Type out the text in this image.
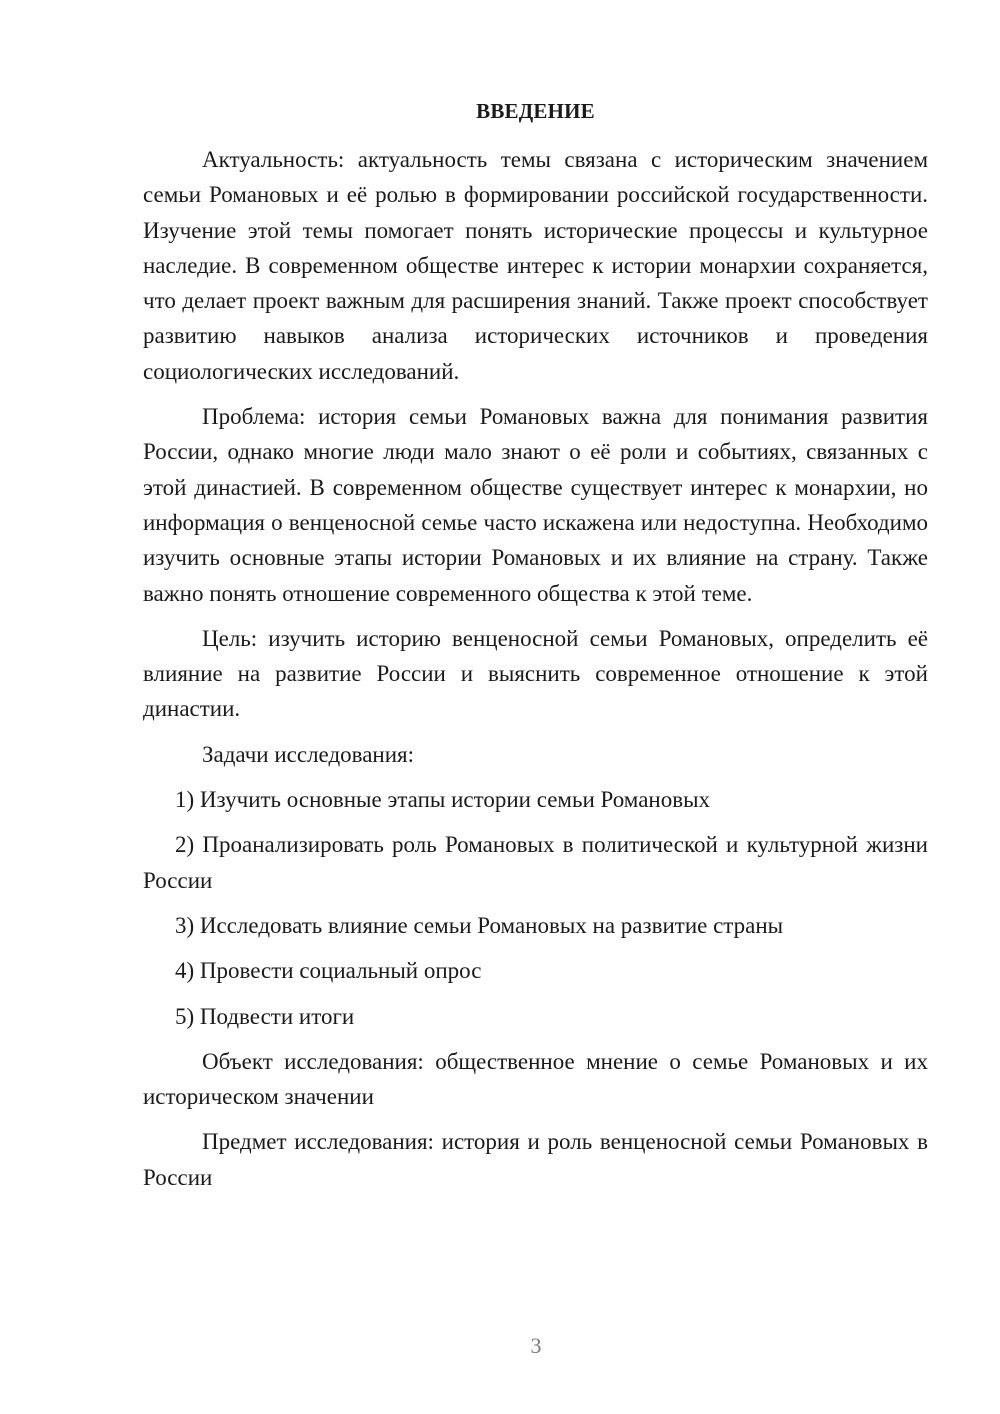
ВВЕДЕНИЕ

Актуальность: актуальность темы связана с историческим значением семьи Романовых и её ролью в формировании российской государственности. Изучение этой темы помогает понять исторические процессы и культурное наследие. В современном обществе интерес к истории монархии сохраняется, что делает проект важным для расширения знаний. Также проект способствует развитию навыков анализа исторических источников и проведения социологических исследований.

Проблема: история семьи Романовых важна для понимания развития России, однако многие люди мало знают о её роли и событиях, связанных с этой династией. В современном обществе существует интерес к монархии, но информация о венценосной семье часто искажена или недоступна. Необходимо изучить основные этапы истории Романовых и их влияние на страну. Также важно понять отношение современного общества к этой теме.

Цель: изучить историю венценосной семьи Романовых, определить её влияние на развитие России и выяснить современное отношение к этой династии.

Задачи исследования:

1) Изучить основные этапы истории семьи Романовых

2) Проанализировать роль Романовых в политической и культурной жизни России

3) Исследовать влияние семьи Романовых на развитие страны

4) Провести социальный опрос

5) Подвести итоги

Объект исследования: общественное мнение о семье Романовых и их историческом значении

Предмет исследования: история и роль венценосной семьи Романовых в России

3
